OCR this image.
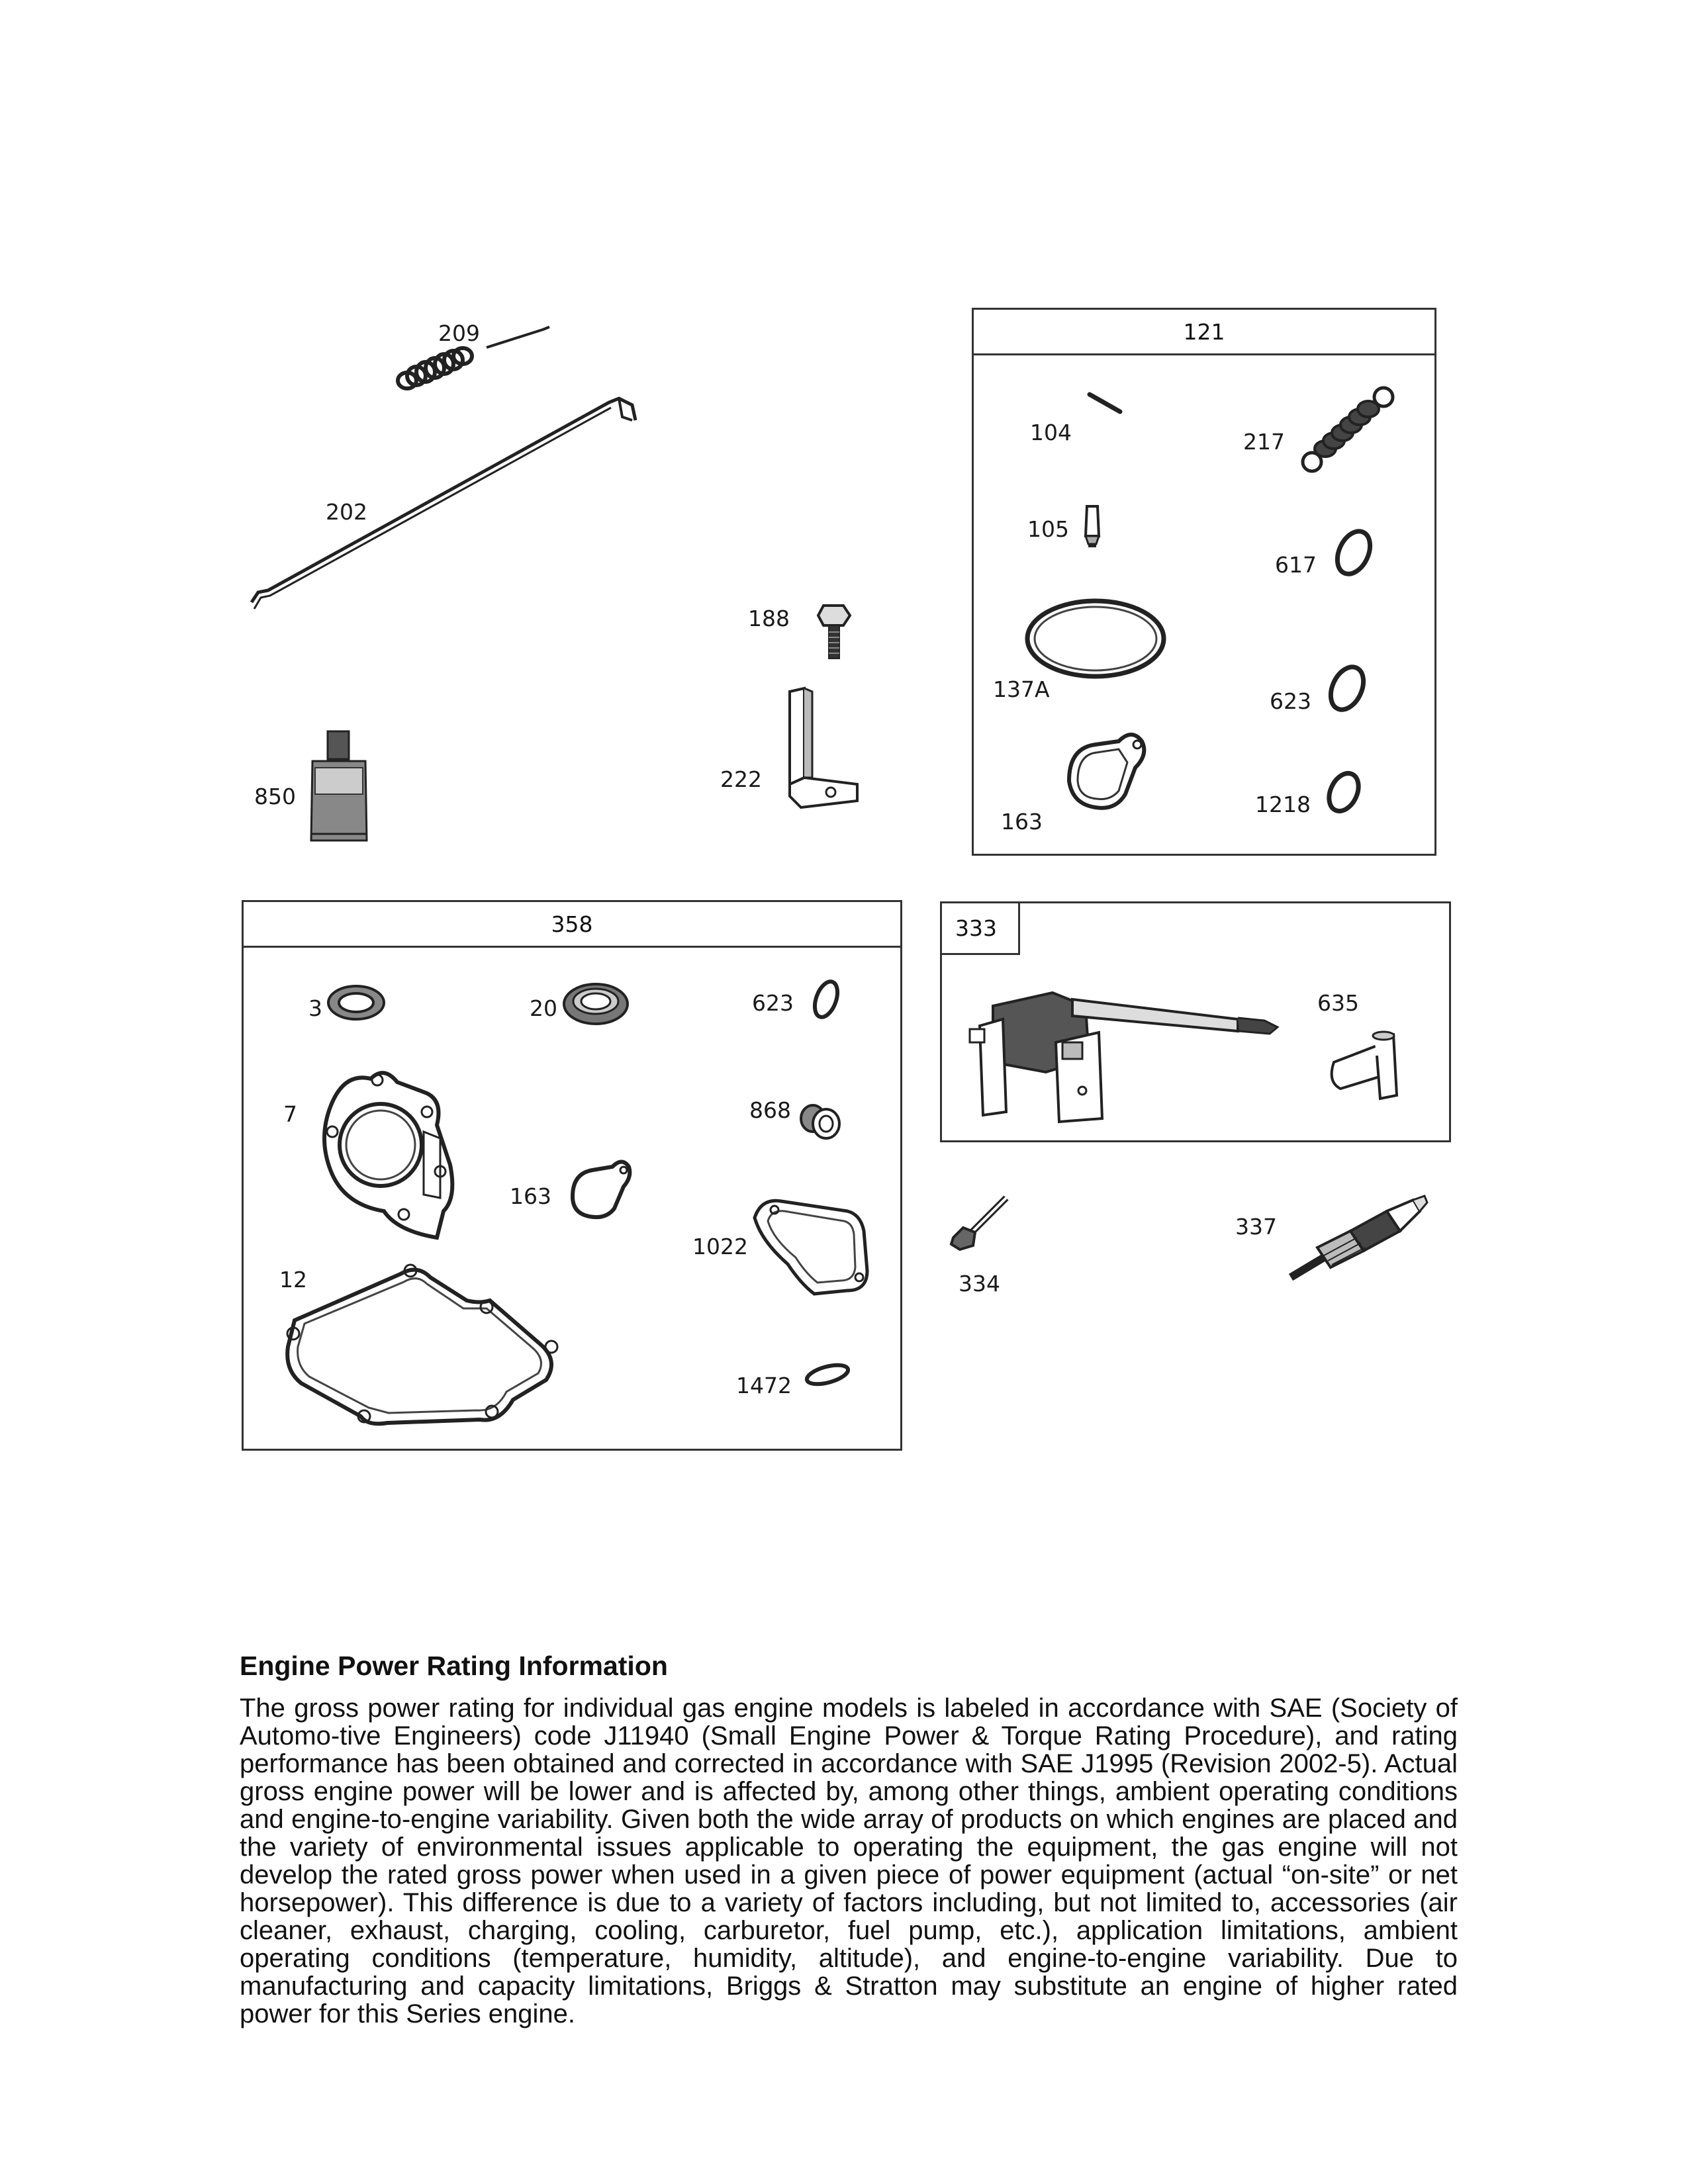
209
202
188
222
850
121
104	217
105
617
137A	623
163
1218
358
3	20	623
7	868
163
1022
12
1472
333
635
334
337
Engine Power Rating Information
The gross power rating for individual gas engine models is labeled in accordance with SAE (Society of Automo-tive Engineers) code J11940 (Small Engine Power & Torque Rating Procedure), and rating performance has been obtained and corrected in accordance with SAE J1995 (Revision 2002-5). Actual gross engine power will be lower and is affected by, among other things, ambient operating conditions and engine-to-engine variability. Given both the wide array of products on which engines are placed and the variety of environmental issues applicable to operating the equipment, the gas engine will not develop the rated gross power when used in a given piece of power equipment (actual “on-site” or net horsepower). This difference is due to a variety of factors including, but not limited to, accessories (air cleaner, exhaust, charging, cooling, carburetor, fuel pump, etc.), application limitations, ambient operating conditions (temperature, humidity, altitude), and engine-to-engine variability. Due to manufacturing and capacity limitations, Briggs & Stratton may substitute an engine of higher rated power for this Series engine.
